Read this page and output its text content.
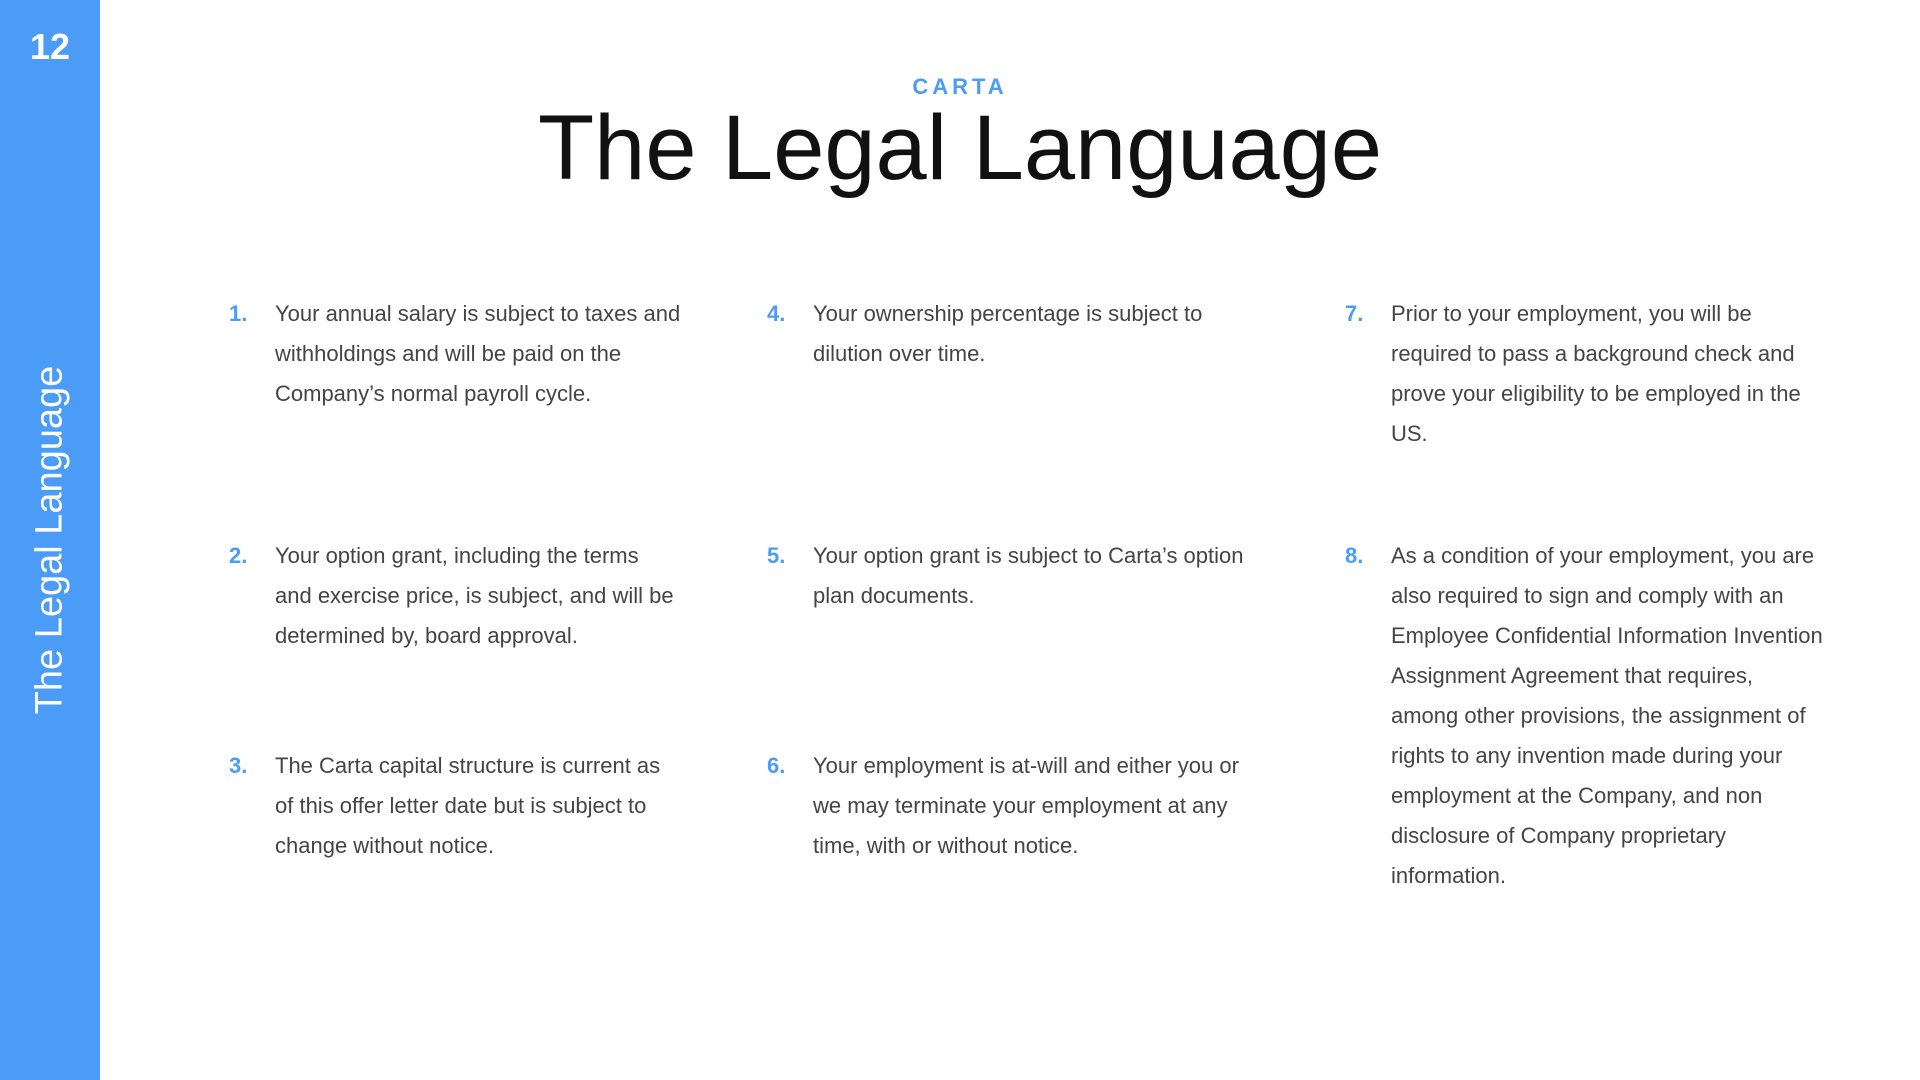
12
The Legal Language
CARTA
The Legal Language
1.	Your annual salary is subject to taxes and withholdings and will be paid on the Company’s normal payroll cycle.
2.	Your option grant, including the terms and exercise price, is subject, and will be determined by, board approval.
3.	The Carta capital structure is current as of this offer letter date but is subject to change without notice.
4.	Your ownership percentage is subject to dilution over time.
5.	Your option grant is subject to Carta’s option plan documents.
6.	Your employment is at-will and either you or we may terminate your employment at any time, with or without notice.
7.	Prior to your employment, you will be required to pass a background check and prove your eligibility to be employed in the US.
8.	As a condition of your employment, you are also required to sign and comply with an Employee Confidential Information Invention Assignment Agreement that requires, among other provisions, the assignment of rights to any invention made during your employment at the Company, and non disclosure of Company proprietary information.
